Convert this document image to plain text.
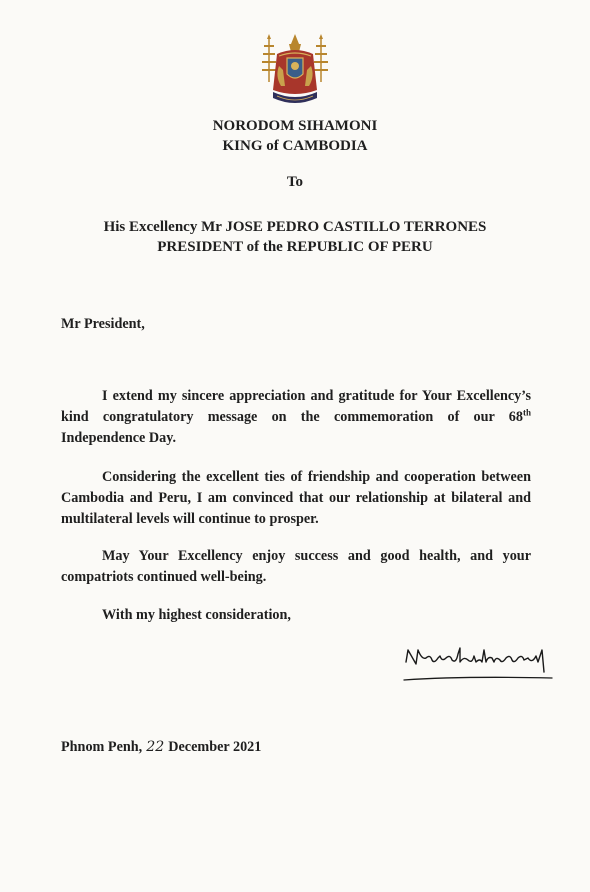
NORODOM SIHAMONI
KING of CAMBODIA
To
His Excellency Mr JOSE PEDRO CASTILLO TERRONES
PRESIDENT of the REPUBLIC OF PERU
Mr President,
I extend my sincere appreciation and gratitude for Your Excellency’s kind congratulatory message on the commemoration of our 68th Independence Day.
Considering the excellent ties of friendship and cooperation between Cambodia and Peru, I am convinced that our relationship at bilateral and multilateral levels will continue to prosper.
May Your Excellency enjoy success and good health, and your compatriots continued well-being.
With my highest consideration,
Phnom Penh, 22 December 2021
